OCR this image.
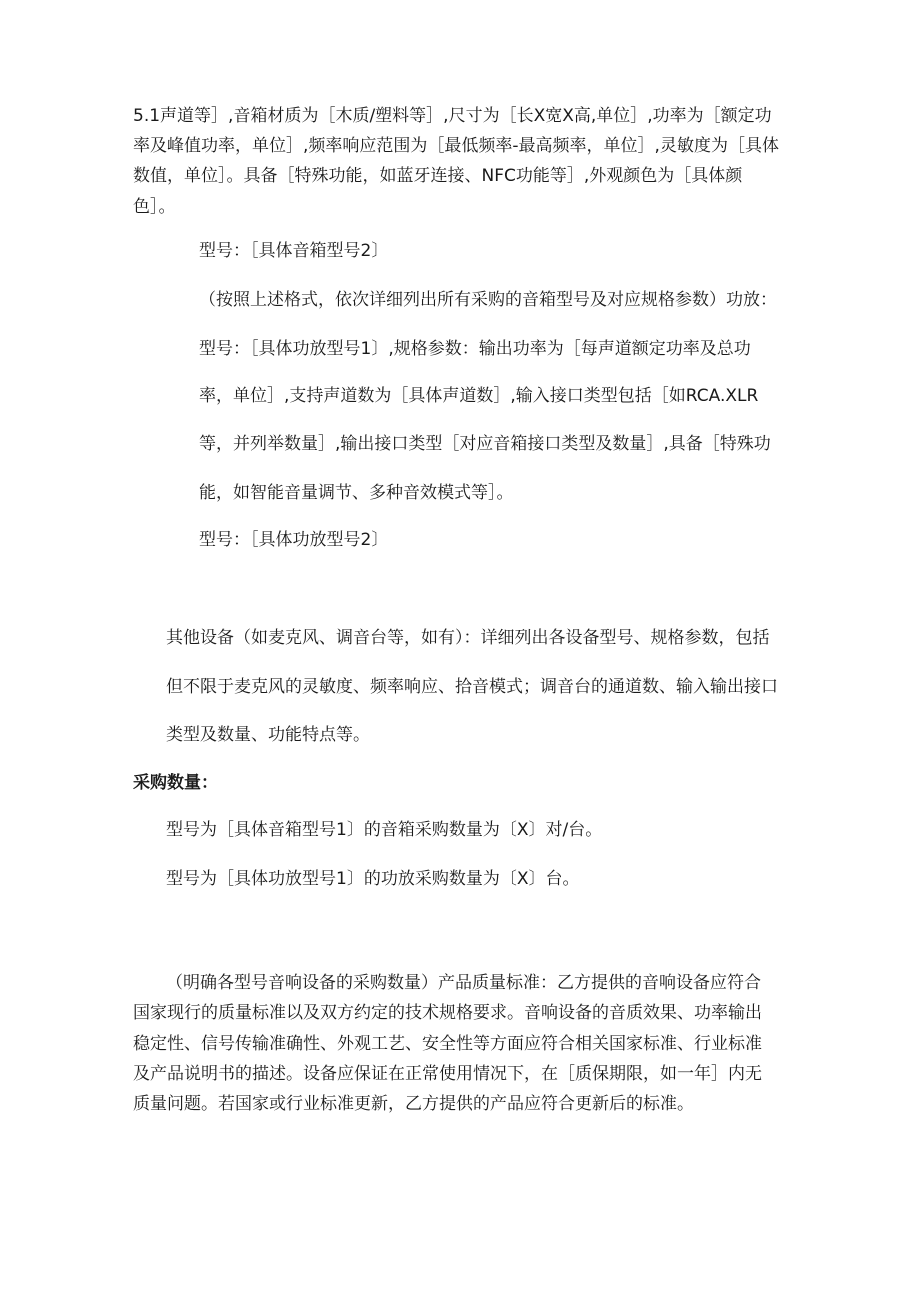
5.1声道等］,音箱材质为［木质/塑料等］,尺寸为［长X宽X高,单位］,功率为［额定功

率及峰值功率，单位］,频率响应范围为［最低频率-最高频率，单位］,灵敏度为［具体

数值，单位］。具备［特殊功能，如蓝牙连接、NFC功能等］,外观颜色为［具体颜

色］。

型号：［具体音箱型号2〕

（按照上述格式，依次详细列出所有采购的音箱型号及对应规格参数）功放：

型号：［具体功放型号1〕,规格参数：输出功率为［每声道额定功率及总功

率，单位］,支持声道数为［具体声道数］,输入接口类型包括［如RCA.XLR

等，并列举数量］,输出接口类型［对应音箱接口类型及数量］,具备［特殊功

能，如智能音量调节、多种音效模式等］。

型号：［具体功放型号2〕

其他设备（如麦克风、调音台等，如有）：详细列出各设备型号、规格参数，包括

但不限于麦克风的灵敏度、频率响应、拾音模式；调音台的通道数、输入输出接口

类型及数量、功能特点等。

采购数量：

型号为［具体音箱型号1〕的音箱采购数量为〔X〕对/台。

型号为［具体功放型号1〕的功放采购数量为〔X〕台。

（明确各型号音响设备的采购数量）产品质量标准：乙方提供的音响设备应符合

国家现行的质量标准以及双方约定的技术规格要求。音响设备的音质效果、功率输出

稳定性、信号传输准确性、外观工艺、安全性等方面应符合相关国家标准、行业标准

及产品说明书的描述。设备应保证在正常使用情况下，在［质保期限，如一年］内无

质量问题。若国家或行业标准更新，乙方提供的产品应符合更新后的标准。
